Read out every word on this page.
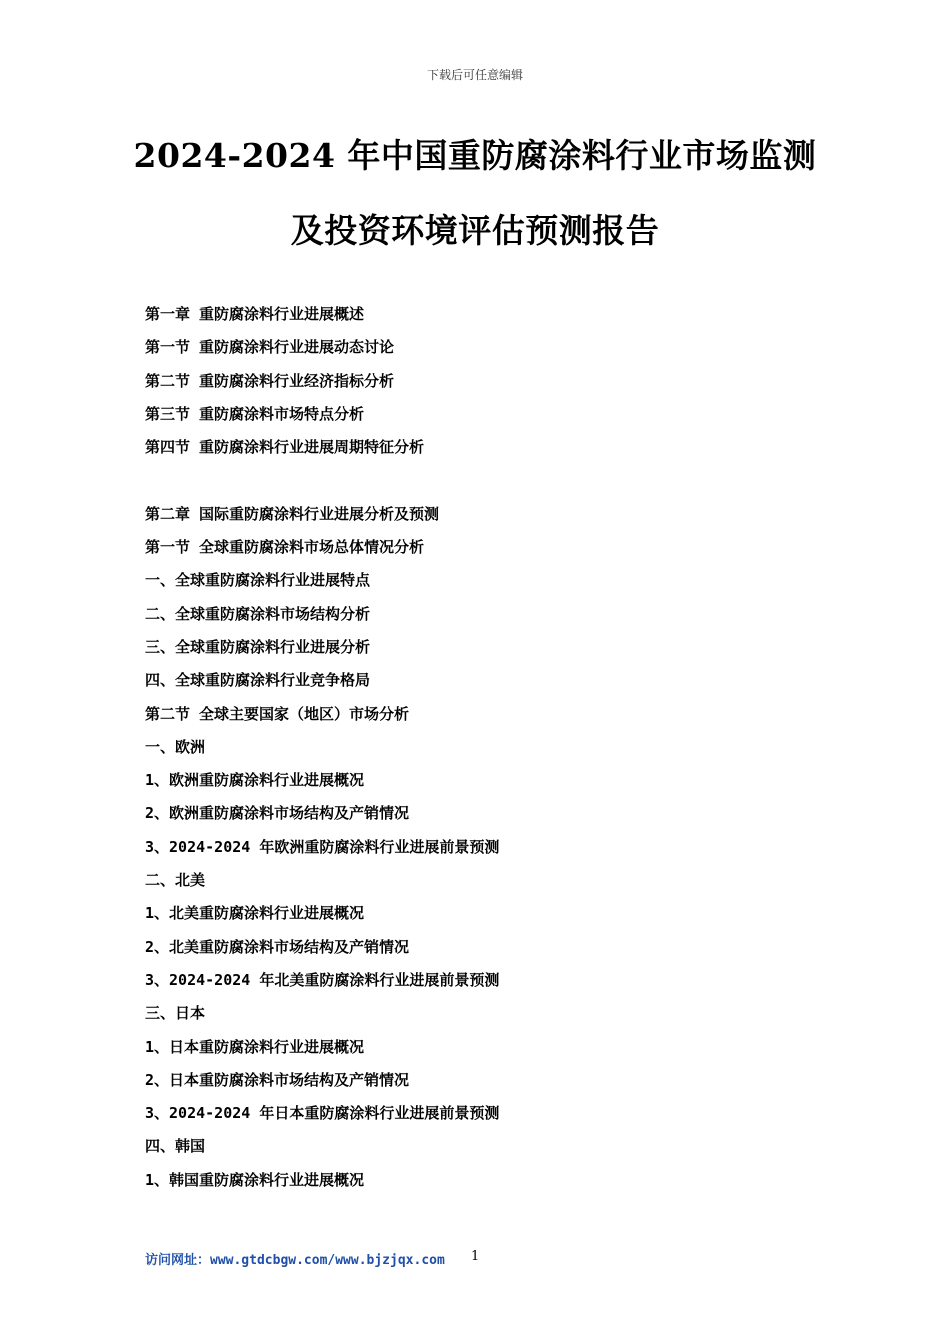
下载后可任意编辑
2024-2024 年中国重防腐涂料行业市场监测
及投资环境评估预测报告
第一章 重防腐涂料行业进展概述
第一节 重防腐涂料行业进展动态讨论
第二节 重防腐涂料行业经济指标分析
第三节 重防腐涂料市场特点分析
第四节 重防腐涂料行业进展周期特征分析
第二章 国际重防腐涂料行业进展分析及预测
第一节 全球重防腐涂料市场总体情况分析
一、全球重防腐涂料行业进展特点
二、全球重防腐涂料市场结构分析
三、全球重防腐涂料行业进展分析
四、全球重防腐涂料行业竞争格局
第二节 全球主要国家（地区）市场分析
一、欧洲
1、欧洲重防腐涂料行业进展概况
2、欧洲重防腐涂料市场结构及产销情况
3、2024-2024 年欧洲重防腐涂料行业进展前景预测
二、北美
1、北美重防腐涂料行业进展概况
2、北美重防腐涂料市场结构及产销情况
3、2024-2024 年北美重防腐涂料行业进展前景预测
三、日本
1、日本重防腐涂料行业进展概况
2、日本重防腐涂料市场结构及产销情况
3、2024-2024 年日本重防腐涂料行业进展前景预测
四、韩国
1、韩国重防腐涂料行业进展概况
访问网址：www.gtdcbgw.com/www.bjzjqx.com 1
